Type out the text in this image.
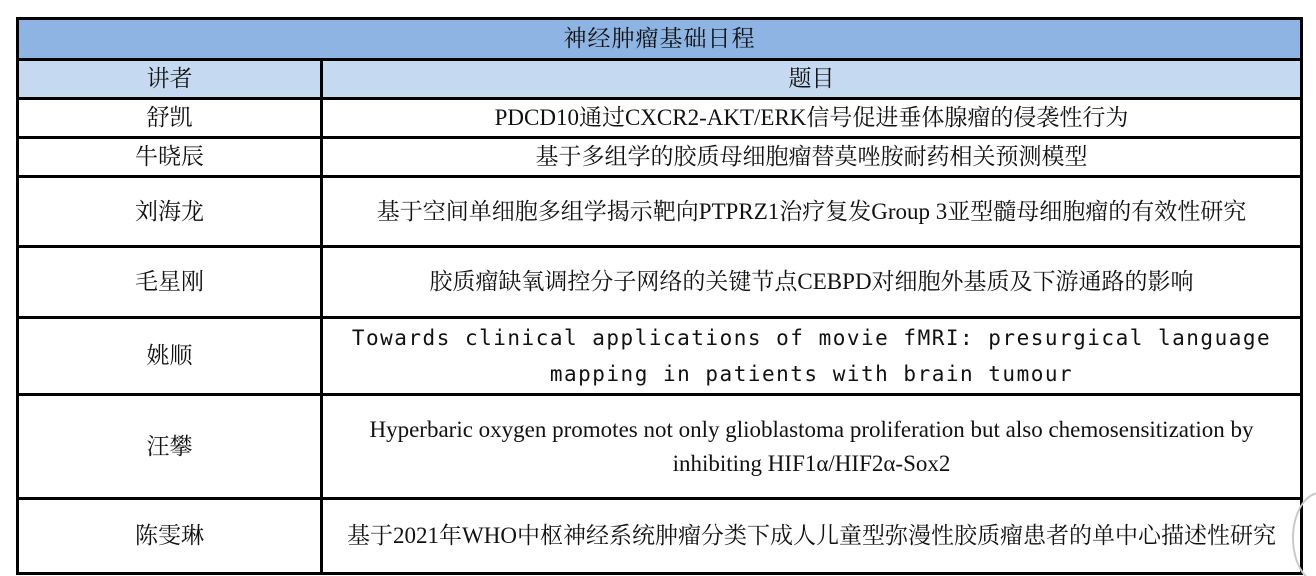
神经肿瘤基础日程	
讲者	题目
舒凯	PDCD10通过CXCR2-AKT/ERK信号促进垂体腺瘤的侵袭性行为
牛晓辰	基于多组学的胶质母细胞瘤替莫唑胺耐药相关预测模型
刘海龙	基于空间单细胞多组学揭示靶向PTPRZ1治疗复发Group 3亚型髓母细胞瘤的有效性研究
毛星刚	胶质瘤缺氧调控分子网络的关键节点CEBPD对细胞外基质及下游通路的影响
姚顺	Towards clinical applications of movie fMRI: presurgical language mapping in patients with brain tumour
汪攀	Hyperbaric oxygen promotes not only glioblastoma proliferation but also chemosensitization by inhibiting HIF1α/HIF2α-Sox2
陈雯琳	基于2021年WHO中枢神经系统肿瘤分类下成人儿童型弥漫性胶质瘤患者的单中心描述性研究
